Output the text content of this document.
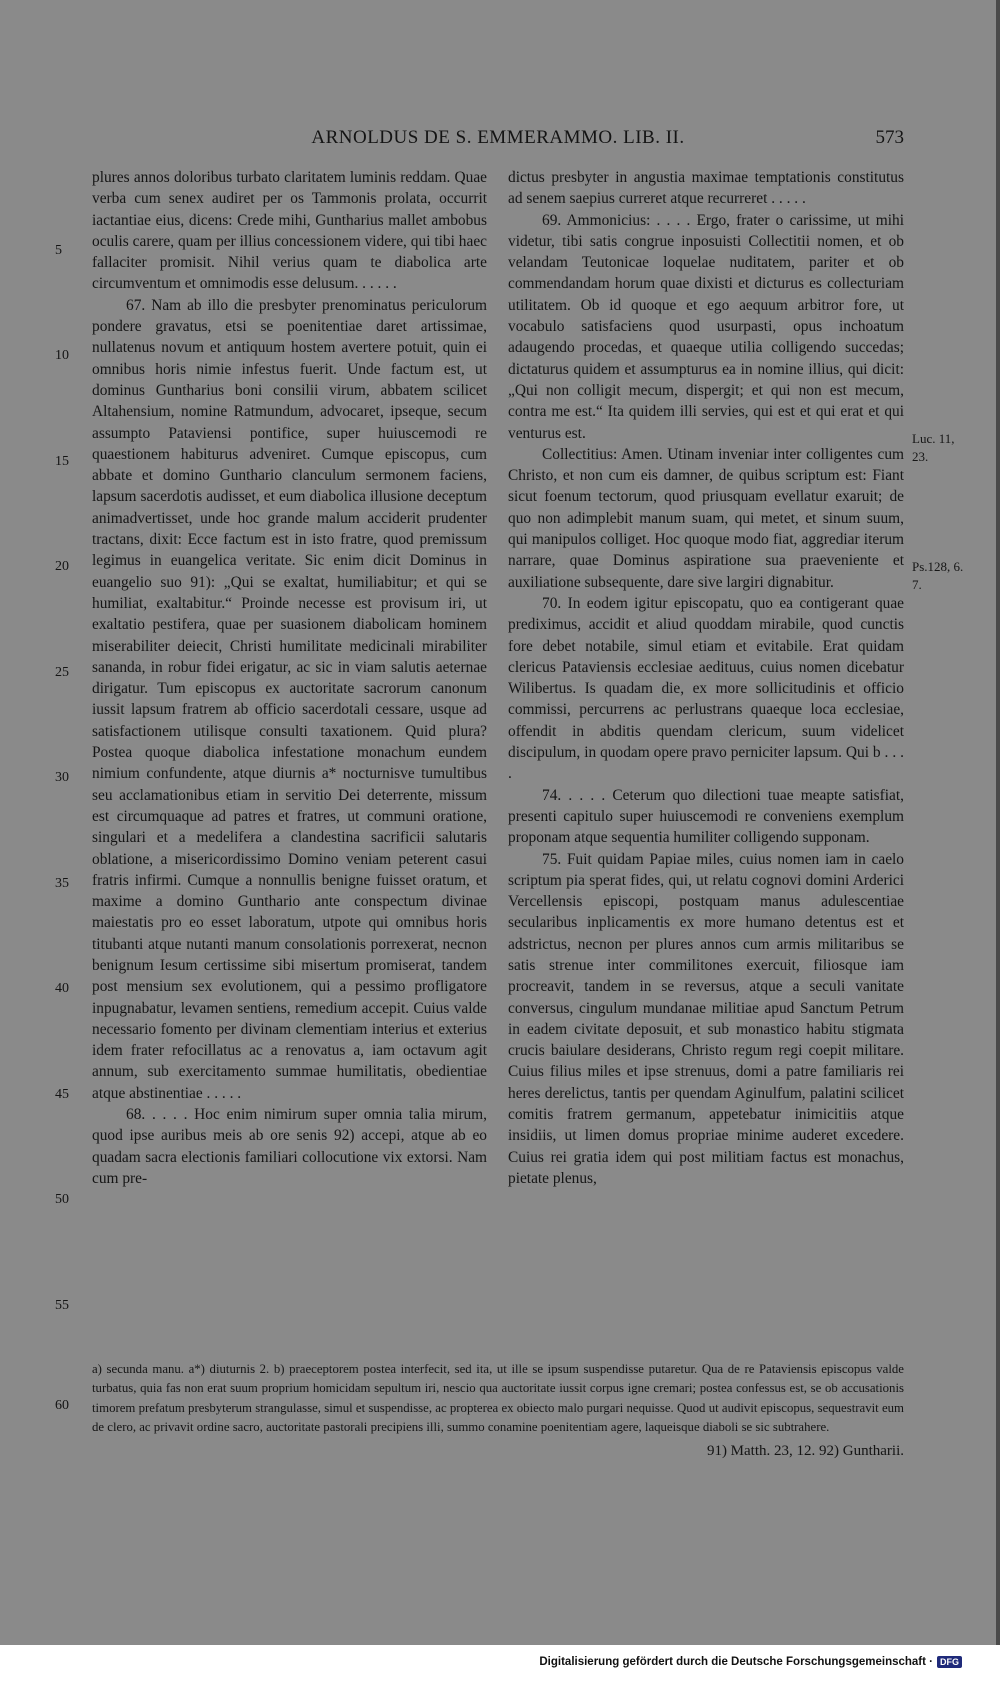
ARNOLDUS DE S. EMMERAMMO. LIB. II.	573
5
10
15
20
25
30
35
40
45
50
55

plures annos doloribus turbato claritatem luminis reddam. Quae verba cum senex audiret per os Tammonis prolata, occurrit iactantiae eius, dicens: Crede mihi, Guntharius mallet ambobus oculis carere, quam per illius concessionem videre, qui tibi haec fallaciter promisit. Nihil verius quam te diabolica arte circumventum et omnimodis esse delusum. . . . . .

67. Nam ab illo die presbyter prenominatus periculorum pondere gravatus, etsi se poenitentiae daret artissimae, nullatenus novum et antiquum hostem avertere potuit, quin ei omnibus horis nimie infestus fuerit. Unde factum est, ut dominus Guntharius boni consilii virum, abbatem scilicet Altahensium, nomine Ratmundum, advocaret, ipseque, secum assumpto Pataviensi pontifice, super huiuscemodi re quaestionem habiturus adveniret. Cumque episcopus, cum abbate et domino Gunthario clanculum sermonem faciens, lapsum sacerdotis audisset, et eum diabolica illusione deceptum animadvertisset, unde hoc grande malum acciderit prudenter tractans, dixit: Ecce factum est in isto fratre, quod premissum legimus in euangelica veritate. Sic enim dicit Dominus in euangelio suo 91): „Qui se exaltat, humiliabitur; et qui se humiliat, exaltabitur.“ Proinde necesse est provisum iri, ut exaltatio pestifera, quae per suasionem diabolicam hominem miserabiliter deiecit, Christi humilitate medicinali mirabiliter sananda, in robur fidei erigatur, ac sic in viam salutis aeternae dirigatur. Tum episcopus ex auctoritate sacrorum canonum iussit lapsum fratrem ab officio sacerdotali cessare, usque ad satisfactionem utilisque consulti taxationem. Quid plura? Postea quoque diabolica infestatione monachum eundem nimium confundente, atque diurnis a* nocturnisve tumultibus seu acclamationibus etiam in servitio Dei deterrente, missum est circumquaque ad patres et fratres, ut communi oratione, singulari et a medelifera a clandestina sacrificii salutaris oblatione, a misericordissimo Domino veniam peterent casui fratris infirmi. Cumque a nonnullis benigne fuisset oratum, et maxime a domino Gunthario ante conspectum divinae maiestatis pro eo esset laboratum, utpote qui omnibus horis titubanti atque nutanti manum consolationis porrexerat, necnon benignum Iesum certissime sibi misertum promiserat, tandem post mensium sex evolutionem, qui a pessimo profligatore inpugnabatur, levamen sentiens, remedium accepit. Cuius valde necessario fomento per divinam clementiam interius et exterius idem frater refocillatus ac a renovatus a, iam octavum agit annum, sub exercitamento summae humilitatis, obedientiae atque abstinentiae . . . . .

68. . . . . Hoc enim nimirum super omnia talia mirum, quod ipse auribus meis ab ore senis 92) accepi, atque ab eo quadam sacra electionis familiari collocutione vix extorsi. Nam cum pre-

dictus presbyter in angustia maximae temptationis constitutus ad senem saepius curreret atque recurreret . . . . .

69. Ammonicius: . . . . Ergo, frater o carissime, ut mihi videtur, tibi satis congrue inposuisti Collectitii nomen, et ob velandam Teutonicae loquelae nuditatem, pariter et ob commendandam horum quae dixisti et dicturus es collecturiam utilitatem. Ob id quoque et ego aequum arbitror fore, ut vocabulo satisfaciens quod usurpasti, opus inchoatum adaugendo procedas, et quaeque utilia colligendo succedas; dictaturus quidem et assumpturus ea in nomine illius, qui dicit: „Qui non colligit mecum, dispergit; et qui non est mecum, contra me est.“ Ita quidem illi servies, qui est et qui erat et qui venturus est.

Collectitius: Amen. Utinam inveniar inter colligentes cum Christo, et non cum eis damner, de quibus scriptum est: Fiant sicut foenum tectorum, quod priusquam evellatur exaruit; de quo non adimplebit manum suam, qui metet, et sinum suum, qui manipulos colliget. Hoc quoque modo fiat, aggrediar iterum narrare, quae Dominus aspiratione sua praeveniente et auxiliatione subsequente, dare sive largiri dignabitur.

70. In eodem igitur episcopatu, quo ea contigerant quae prediximus, accidit et aliud quoddam mirabile, quod cunctis fore debet notabile, simul etiam et evitabile. Erat quidam clericus Pataviensis ecclesiae aedituus, cuius nomen dicebatur Wilibertus. Is quadam die, ex more sollicitudinis et officio commissi, percurrens ac perlustrans quaeque loca ecclesiae, offendit in abditis quendam clericum, suum videlicet discipulum, in quodam opere pravo perniciter lapsum. Qui b . . . .

74. . . . . Ceterum quo dilectioni tuae meapte satisfiat, presenti capitulo super huiuscemodi re conveniens exemplum proponam atque sequentia humiliter colligendo supponam.

75. Fuit quidam Papiae miles, cuius nomen iam in caelo scriptum pia sperat fides, qui, ut relatu cognovi domini Arderici Vercellensis episcopi, postquam manus adulescentiae secularibus inplicamentis ex more humano detentus est et adstrictus, necnon per plures annos cum armis militaribus se satis strenue inter commilitones exercuit, filiosque iam procreavit, tandem in se reversus, atque a seculi vanitate conversus, cingulum mundanae militiae apud Sanctum Petrum in eadem civitate deposuit, et sub monastico habitu stigmata crucis baiulare desiderans, Christo regum regi coepit militare. Cuius filius miles et ipse strenuus, domi a patre familiaris rei heres derelictus, tantis per quendam Aginulfum, palatini scilicet comitis fratrem germanum, appetebatur inimicitiis atque insidiis, ut limen domus propriae minime auderet excedere. Cuius rei gratia idem qui post militiam factus est monachus, pietate plenus,

Luc. 11, 23.
Ps.128, 6. 7.
60

a) secunda manu. a*) diuturnis 2. b) praeceptorem postea interfecit, sed ita, ut ille se ipsum suspendisse putaretur. Qua de re Pataviensis episcopus valde turbatus, quia fas non erat suum proprium homicidam sepultum iri, nescio qua auctoritate iussit corpus igne cremari; postea confessus est, se ob accusationis timorem prefatum presbyterum strangulasse, simul et suspendisse, ac propterea ex obiecto malo purgari nequisse. Quod ut audivit episcopus, sequestravit eum de clero, ac privavit ordine sacro, auctoritate pastorali precipiens illi, summo conamine poenitentiam agere, laqueisque diaboli se sic subtrahere.

91) Matth. 23, 12. 92) Guntharii.
Digitalisierung gefördert durch die Deutsche Forschungsgemeinschaft · DFG
